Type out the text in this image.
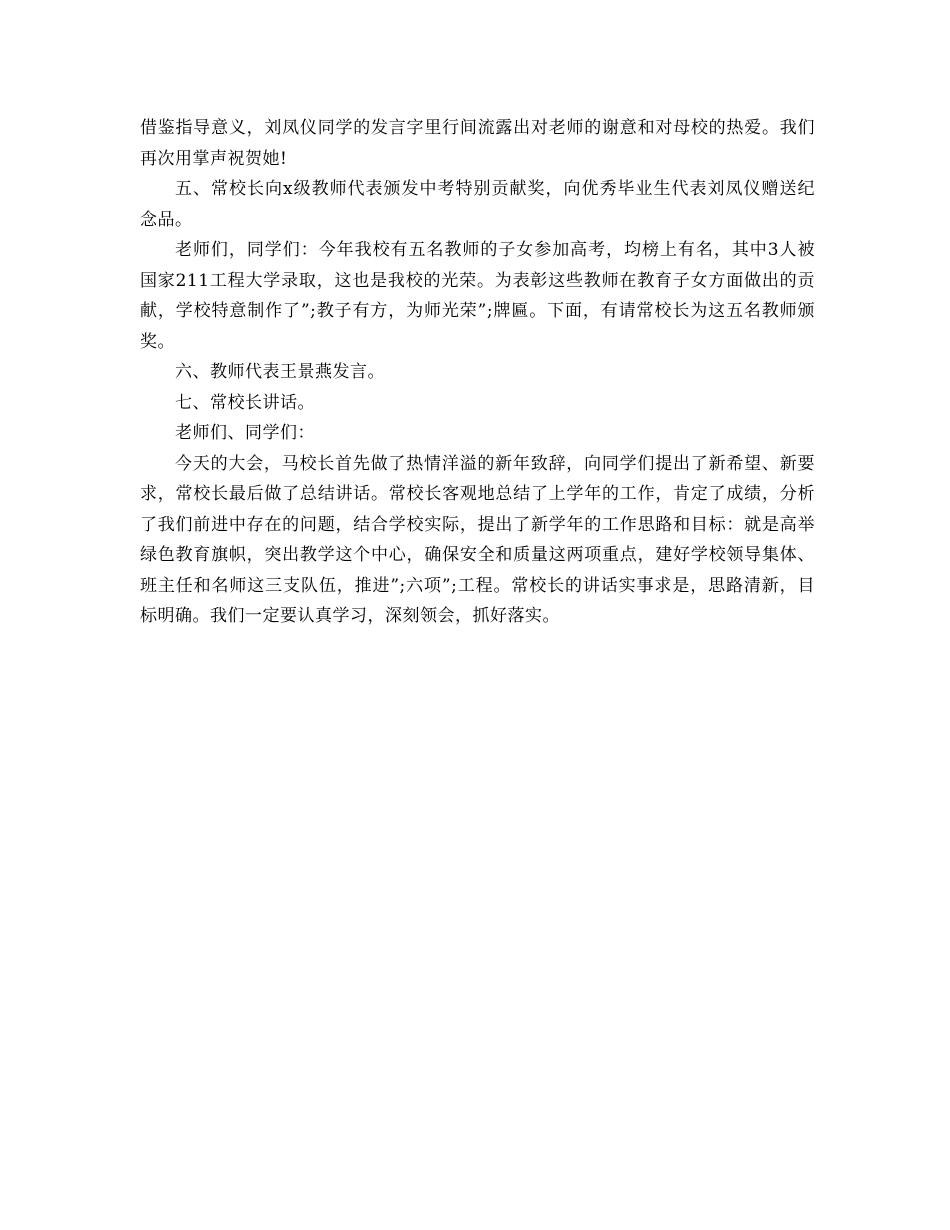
借鉴指导意义，刘凤仪同学的发言字里行间流露出对老师的谢意和对母校的热爱。我们再次用掌声祝贺她!

五、常校长向x级教师代表颁发中考特别贡献奖，向优秀毕业生代表刘凤仪赠送纪念品。

老师们，同学们：今年我校有五名教师的子女参加高考，均榜上有名，其中3人被国家211工程大学录取，这也是我校的光荣。为表彰这些教师在教育子女方面做出的贡献，学校特意制作了”;教子有方，为师光荣”;牌匾。下面，有请常校长为这五名教师颁奖。

六、教师代表王景燕发言。

七、常校长讲话。

老师们、同学们：

今天的大会，马校长首先做了热情洋溢的新年致辞，向同学们提出了新希望、新要求，常校长最后做了总结讲话。常校长客观地总结了上学年的工作，肯定了成绩，分析了我们前进中存在的问题，结合学校实际，提出了新学年的工作思路和目标：就是高举绿色教育旗帜，突出教学这个中心，确保安全和质量这两项重点，建好学校领导集体、班主任和名师这三支队伍，推进”;六项”;工程。常校长的讲话实事求是，思路清新，目标明确。我们一定要认真学习，深刻领会，抓好落实。
